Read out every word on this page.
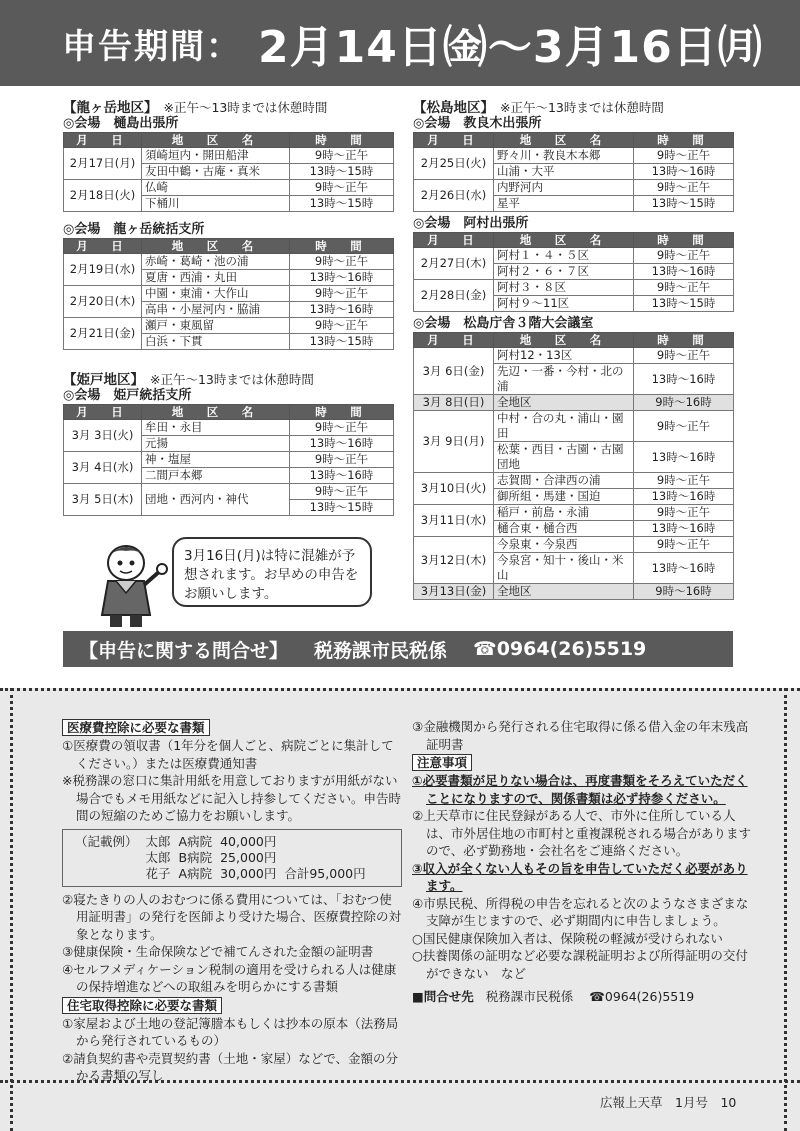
申告期間： 2月14日㈮〜3月16日㈪
【龍ヶ岳地区】 ※正午〜13時までは休憩時間
◎会場　樋島出張所
月　日	地　区　名	時　間
2月17日(月)	須崎垣内・開田船津	9時〜正午
	友田中鶴・古庵・真米	13時〜15時
2月18日(火)	仏崎	9時〜正午
	下桶川	13時〜15時
◎会場　龍ヶ岳統括支所
月　日	地　区　名	時　間
2月19日(水)	赤崎・葛崎・池の浦	9時〜正午
	夏唐・西浦・丸田	13時〜16時
2月20日(木)	中園・東浦・大作山	9時〜正午
	高串・小屋河内・脇浦	13時〜16時
2月21日(金)	瀬戸・東風留	9時〜正午
	白浜・下貫	13時〜15時
【姫戸地区】 ※正午〜13時までは休憩時間
◎会場　姫戸統括支所
月　日	地　区　名	時　間
3月 3日(火)	牟田・永目	9時〜正午
	元揚	13時〜16時
3月 4日(水)	神・塩屋	9時〜正午
	二間戸本郷	13時〜16時
3月 5日(木)	団地・西河内・神代	9時〜正午
		13時〜15時
【松島地区】 ※正午〜13時までは休憩時間
◎会場　教良木出張所
月　日	地　区　名	時　間
2月25日(火)	野々川・教良木本郷	9時〜正午
	山浦・大平	13時〜16時
2月26日(水)	内野河内	9時〜正午
	星平	13時〜15時
◎会場　阿村出張所
月　日	地　区　名	時　間
2月27日(木)	阿村１・４・５区	9時〜正午
	阿村２・６・７区	13時〜16時
2月28日(金)	阿村３・８区	9時〜正午
	阿村９〜11区	13時〜15時
◎会場　松島庁舎３階大会議室
月　日	地　区　名	時　間
3月 6日(金)	阿村12・13区	9時〜正午
	先辺・一番・今村・北の浦	13時〜16時
3月 8日(日)	全地区	9時〜16時
3月 9日(月)	中村・合の丸・浦山・園田	9時〜正午
	松葉・西目・古園・古園団地	13時〜16時
3月10日(火)	志賀間・合津西の浦	9時〜正午
	御所組・馬建・国迫	13時〜16時
3月11日(水)	稲戸・前島・永浦	9時〜正午
	樋合東・樋合西	13時〜16時
3月12日(木)	今泉東・今泉西	9時〜正午
	今泉宮・知十・後山・米山	13時〜16時
3月13日(金)	全地区	9時〜16時
3月16日(月)は特に混雑が予想されます。お早めの申告をお願いします。
【申告に関する問合せ】 税務課市民税係 ☎0964(26)5519
医療費控除に必要な書類
①医療費の領収書（1年分を個人ごと、病院ごとに集計してください。）または医療費通知書
※税務課の窓口に集計用紙を用意しておりますが用紙がない場合でもメモ用紙などに記入し持参してください。申告時間の短縮のためご協力をお願いします。
（記載例）	太郎	A病院	40,000円	
	太郎	B病院	25,000円	
	花子	A病院	30,000円	合計95,000円
②寝たきりの人のおむつに係る費用については、「おむつ使用証明書」の発行を医師より受けた場合、医療費控除の対象となります。
③健康保険・生命保険などで補てんされた金額の証明書
④セルフメディケーション税制の適用を受けられる人は健康の保持増進などへの取組みを明らかにする書類
住宅取得控除に必要な書類
①家屋および土地の登記簿謄本もしくは抄本の原本（法務局から発行されているもの）
②請負契約書や売買契約書（土地・家屋）などで、金額の分かる書類の写し
③金融機関から発行される住宅取得に係る借入金の年末残高証明書
注意事項
①必要書類が足りない場合は、再度書類をそろえていただくことになりますので、関係書類は必ず持参ください。
②上天草市に住民登録がある人で、市外に住所している人は、市外居住地の市町村と重複課税される場合がありますので、必ず勤務地・会社名をご連絡ください。
③収入が全くない人もその旨を申告していただく必要があります。
④市県民税、所得税の申告を忘れると次のようなさまざまな支障が生じますので、必ず期間内に申告しましょう。
○国民健康保険加入者は、保険税の軽減が受けられない
○扶養関係の証明など必要な課税証明および所得証明の交付ができない　など
■問合せ先 税務課市民税係 ☎0964(26)5519
広報上天草　1月号　10
